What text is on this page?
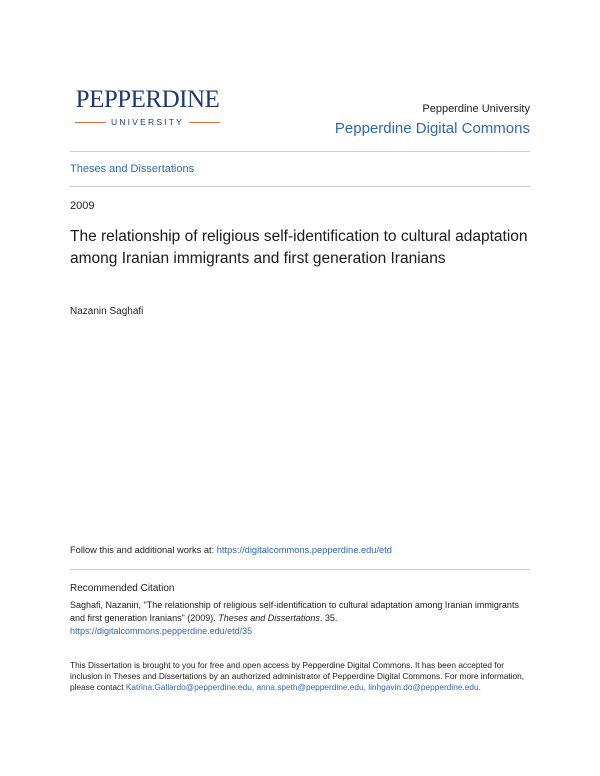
PEPPERDINE
UNIVERSITY
Pepperdine University
Pepperdine Digital Commons
Theses and Dissertations
2009
The relationship of religious self-identification to cultural adaptation among Iranian immigrants and first generation Iranians
Nazanin Saghafi
Follow this and additional works at: https://digitalcommons.pepperdine.edu/etd
Recommended Citation
Saghafi, Nazanin, "The relationship of religious self-identification to cultural adaptation among Iranian immigrants and first generation Iranians" (2009). Theses and Dissertations. 35.
https://digitalcommons.pepperdine.edu/etd/35
This Dissertation is brought to you for free and open access by Pepperdine Digital Commons. It has been accepted for inclusion in Theses and Dissertations by an authorized administrator of Pepperdine Digital Commons. For more information, please contact Katrina.Gallardo@pepperdine.edu, anna.speth@pepperdine.edu, linhgavin.do@pepperdine.edu.
